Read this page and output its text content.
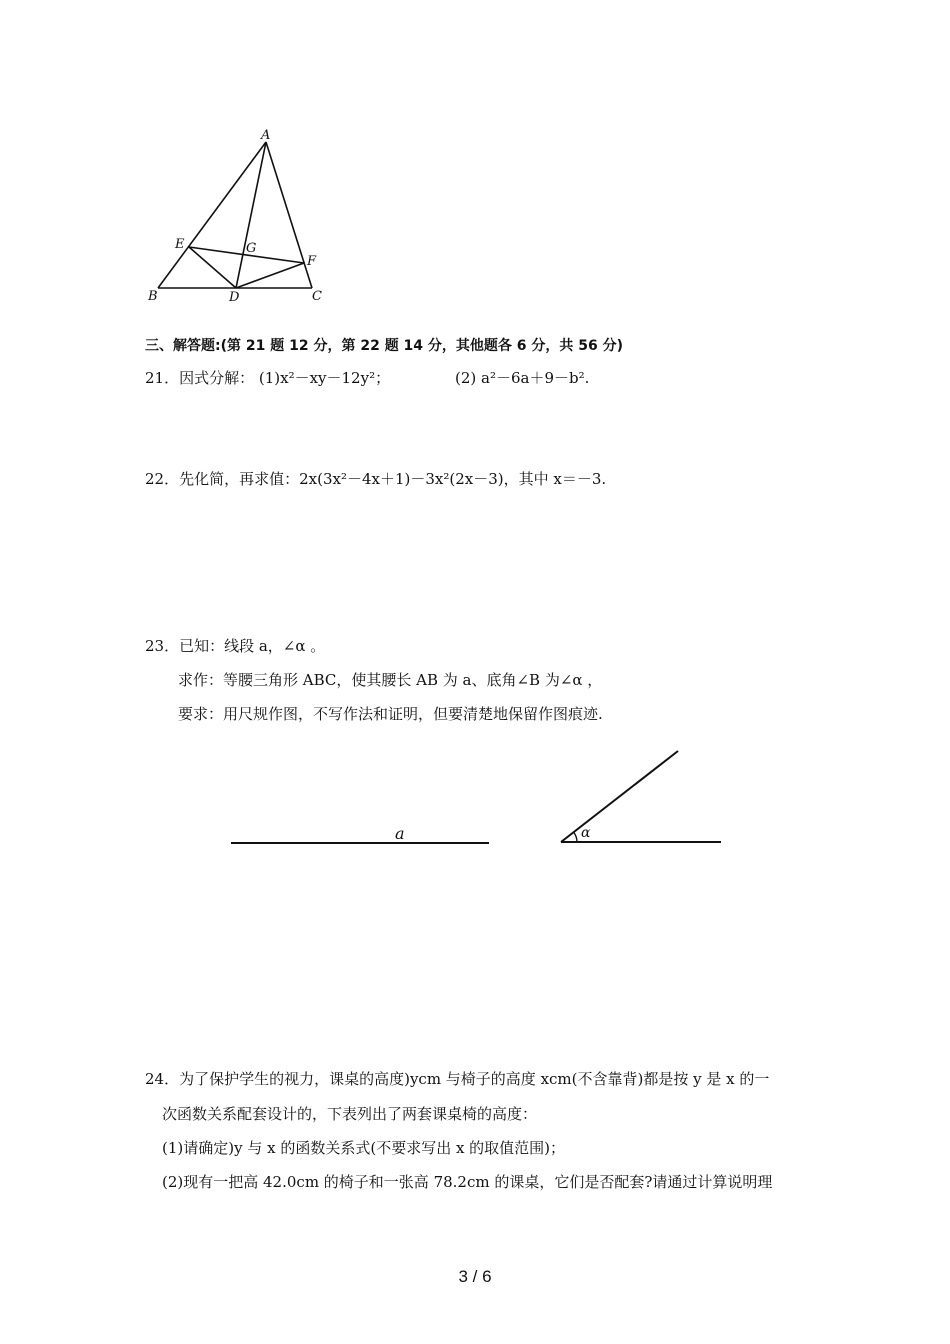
A
B	C
D
E
F
G
三、解答题:(第 21 题 12 分，第 22 题 14 分，其他题各 6 分，共 56 分)
21．因式分解： (1)x²－xy－12y²；	(2) a²－6a＋9－b².
22．先化简，再求值：2x(3x²－4x＋1)－3x²(2x－3)，其中 x＝－3.
23．已知：线段 a，∠α 。
求作：等腰三角形 ABC，使其腰长 AB 为 a、底角∠B 为∠α ，
要求：用尺规作图，不写作法和证明，但要清楚地保留作图痕迹.
a	α
24．为了保护学生的视力，课桌的高度)ycm 与椅子的高度 xcm(不含靠背)都是按 y 是 x 的一
次函数关系配套设计的，下表列出了两套课桌椅的高度：
(1)请确定)y 与 x 的函数关系式(不要求写出 x 的取值范围)；
(2)现有一把高 42.0cm 的椅子和一张高 78.2cm 的课桌，它们是否配套?请通过计算说明理
3 / 6
